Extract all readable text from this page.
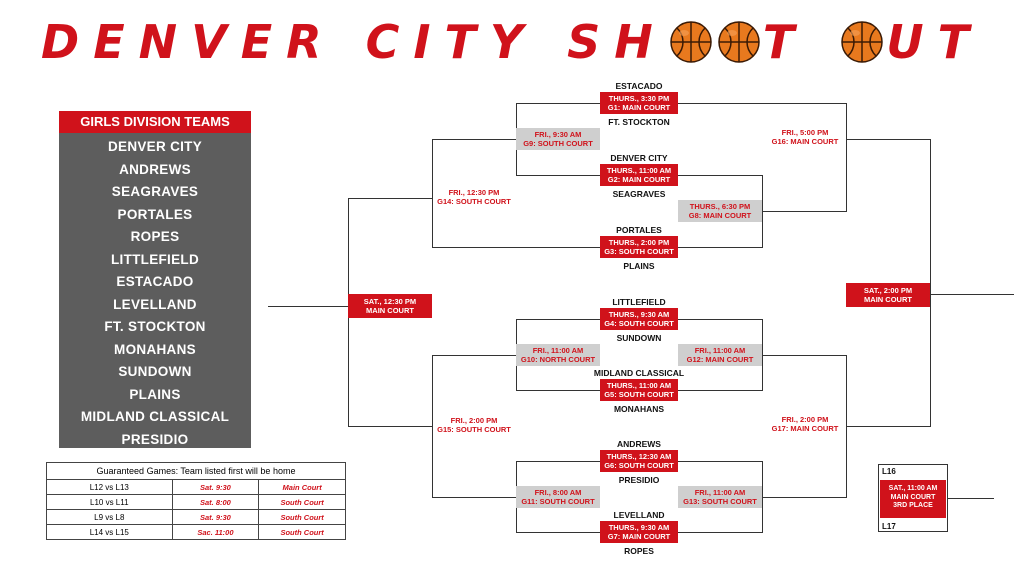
DENVER CITY SH T UT
GIRLS DIVISION TEAMS
DENVER CITY
ANDREWS
SEAGRAVES
PORTALES
ROPES
LITTLEFIELD
ESTACADO
LEVELLAND
FT. STOCKTON
MONAHANS
SUNDOWN
PLAINS
MIDLAND CLASSICAL
PRESIDIO
Guaranteed Games: Team listed first will be home		
L12 vs L13	Sat. 9:30	Main Court
L10 vs L11	Sat. 8:00	South Court
L9 vs L8	Sat. 9:30	South Court
L14 vs L15	Sac. 11:00	South Court
ESTACADO
THURS., 3:30 PM
G1: MAIN COURT
FT. STOCKTON
DENVER CITY
THURS., 11:00 AM
G2: MAIN COURT
SEAGRAVES
PORTALES
THURS., 2:00 PM
G3: SOUTH COURT
PLAINS
LITTLEFIELD
THURS., 9:30 AM
G4: SOUTH COURT
SUNDOWN
MIDLAND CLASSICAL
THURS., 11:00 AM
G5: SOUTH COURT
MONAHANS
ANDREWS
THURS., 12:30 AM
G6: SOUTH COURT
PRESIDIO
LEVELLAND
THURS., 9:30 AM
G7: MAIN COURT
ROPES
FRI., 9:30 AM
G9: SOUTH COURT
FRI., 11:00 AM
G10: NORTH COURT
FRI., 8:00 AM
G11: SOUTH COURT
FRI., 12:30 PM
G14: SOUTH COURT
FRI., 2:00 PM
G15: SOUTH COURT
SAT., 12:30 PM
MAIN COURT
THURS., 6:30 PM
G8: MAIN COURT
FRI., 11:00 AM
G12: MAIN COURT
FRI., 11:00 AM
G13: SOUTH COURT
FRI., 5:00 PM
G16: MAIN COURT
FRI., 2:00 PM
G17: MAIN COURT
SAT., 2:00 PM
MAIN COURT
L16
SAT., 11:00 AM
MAIN COURT
3RD PLACE
L17
